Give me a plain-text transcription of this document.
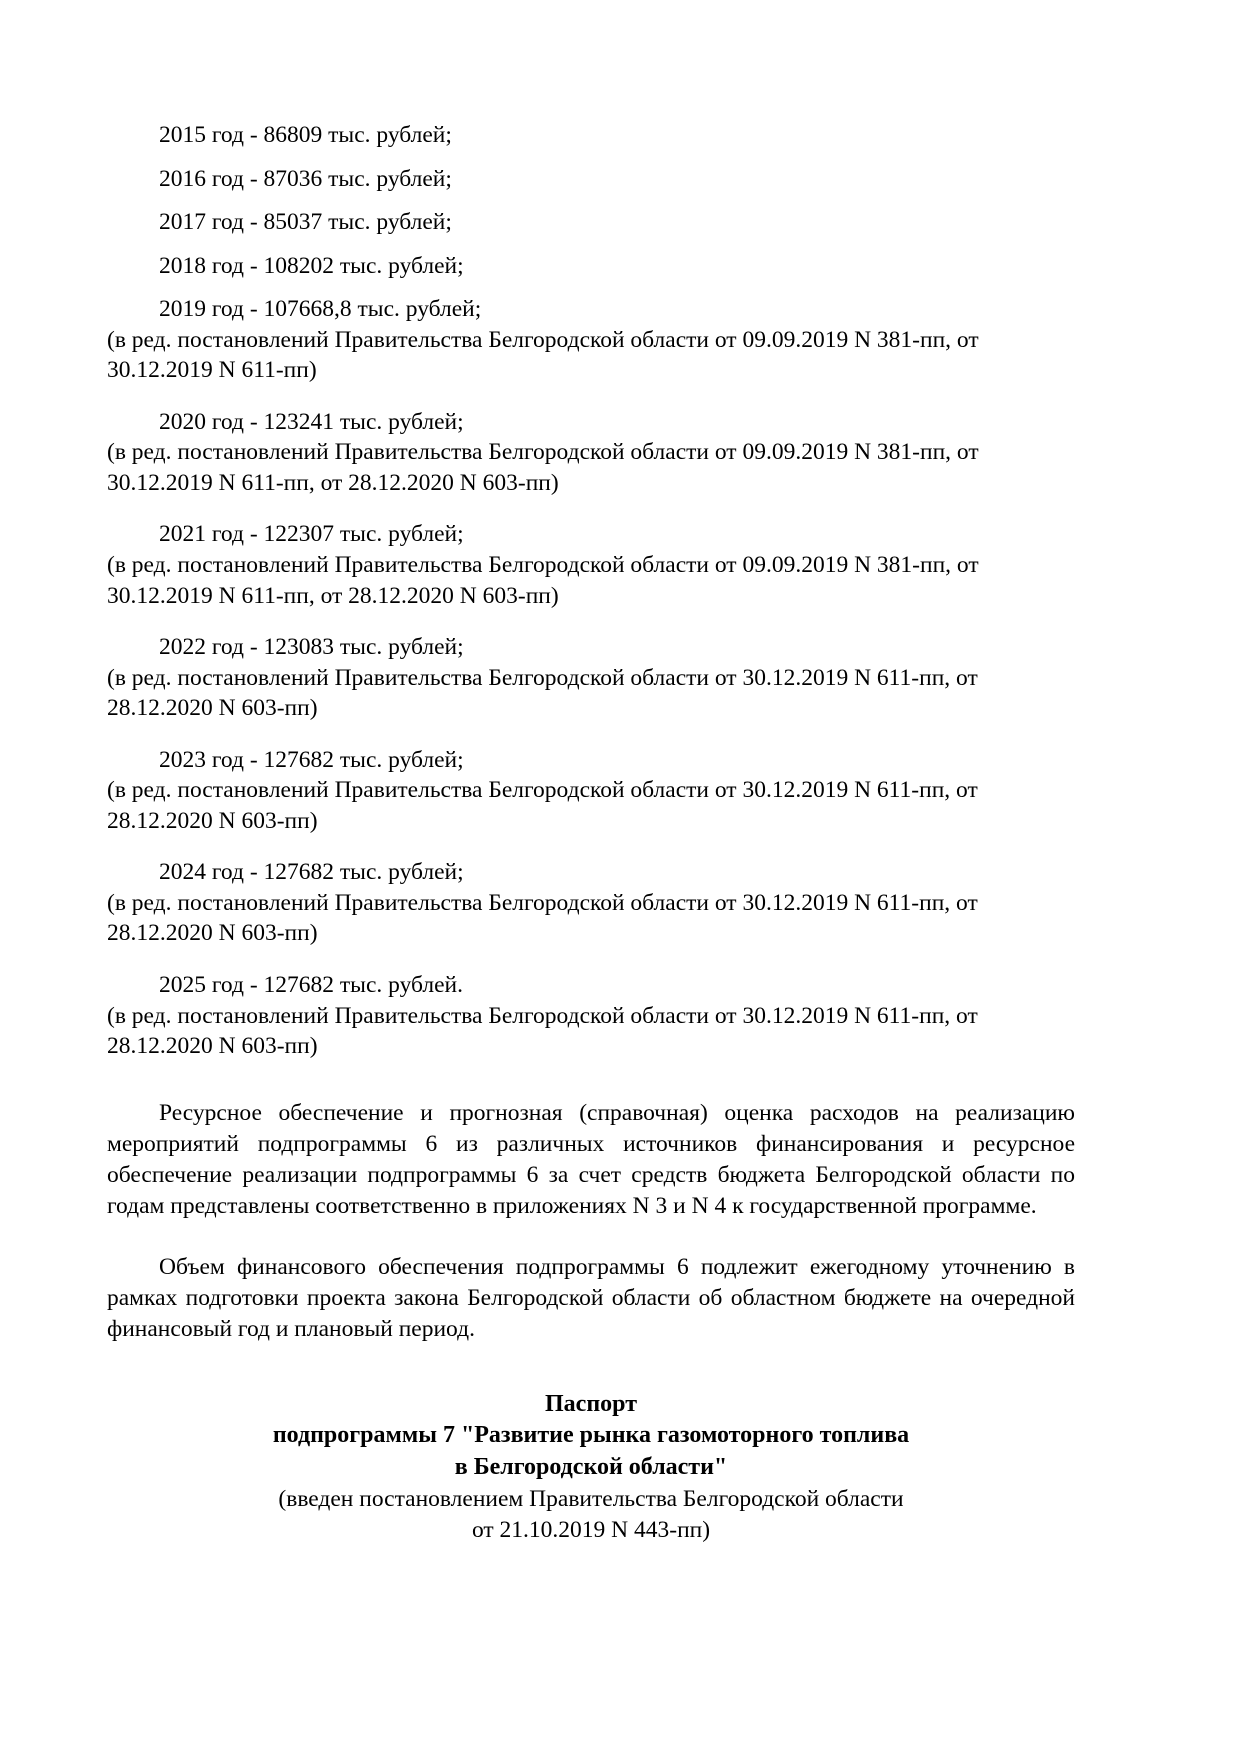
2015 год - 86809 тыс. рублей;
2016 год - 87036 тыс. рублей;
2017 год - 85037 тыс. рублей;
2018 год - 108202 тыс. рублей;
2019 год - 107668,8 тыс. рублей;
(в ред. постановлений Правительства Белгородской области от 09.09.2019 N 381-пп, от 30.12.2019 N 611-пп)
2020 год - 123241 тыс. рублей;
(в ред. постановлений Правительства Белгородской области от 09.09.2019 N 381-пп, от 30.12.2019 N 611-пп, от 28.12.2020 N 603-пп)
2021 год - 122307 тыс. рублей;
(в ред. постановлений Правительства Белгородской области от 09.09.2019 N 381-пп, от 30.12.2019 N 611-пп, от 28.12.2020 N 603-пп)
2022 год - 123083 тыс. рублей;
(в ред. постановлений Правительства Белгородской области от 30.12.2019 N 611-пп, от 28.12.2020 N 603-пп)
2023 год - 127682 тыс. рублей;
(в ред. постановлений Правительства Белгородской области от 30.12.2019 N 611-пп, от 28.12.2020 N 603-пп)
2024 год - 127682 тыс. рублей;
(в ред. постановлений Правительства Белгородской области от 30.12.2019 N 611-пп, от 28.12.2020 N 603-пп)
2025 год - 127682 тыс. рублей.
(в ред. постановлений Правительства Белгородской области от 30.12.2019 N 611-пп, от 28.12.2020 N 603-пп)

Ресурсное обеспечение и прогнозная (справочная) оценка расходов на реализацию мероприятий подпрограммы 6 из различных источников финансирования и ресурсное обеспечение реализации подпрограммы 6 за счет средств бюджета Белгородской области по годам представлены соответственно в приложениях N 3 и N 4 к государственной программе.

Объем финансового обеспечения подпрограммы 6 подлежит ежегодному уточнению в рамках подготовки проекта закона Белгородской области об областном бюджете на очередной финансовый год и плановый период.

Паспорт
подпрограммы 7 "Развитие рынка газомоторного топлива
в Белгородской области"
(введен постановлением Правительства Белгородской области
от 21.10.2019 N 443-пп)
